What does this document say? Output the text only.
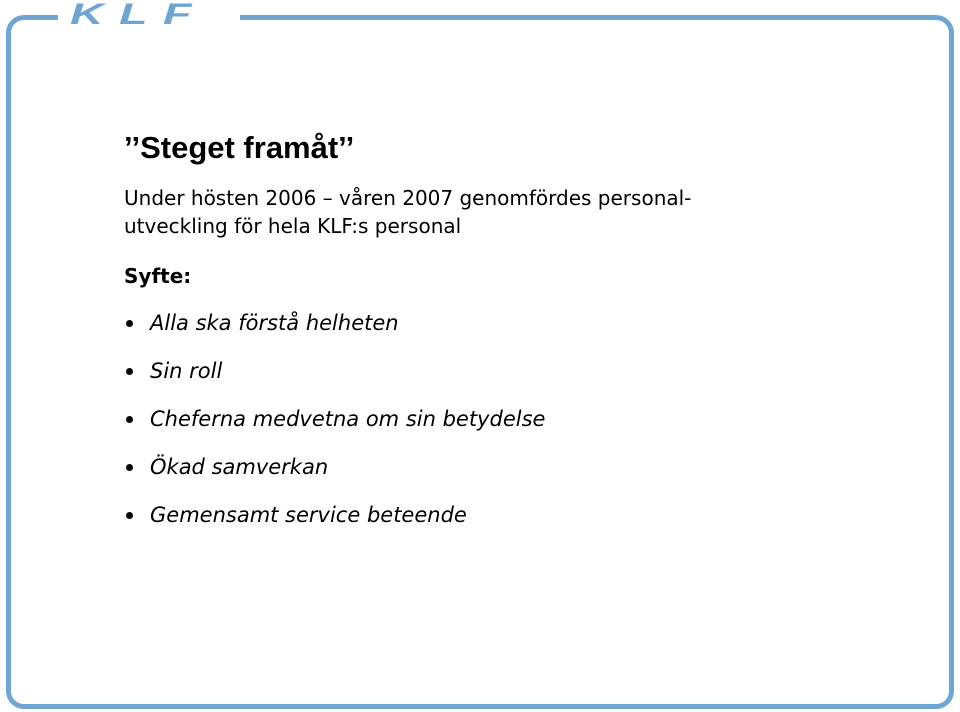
KLF
’’Steget framåt’’
Under hösten 2006 – våren 2007 genomfördes personal-
utveckling för hela KLF:s personal
Syfte:
Alla ska förstå helheten
Sin roll
Cheferna medvetna om sin betydelse
Ökad samverkan
Gemensamt service beteende
